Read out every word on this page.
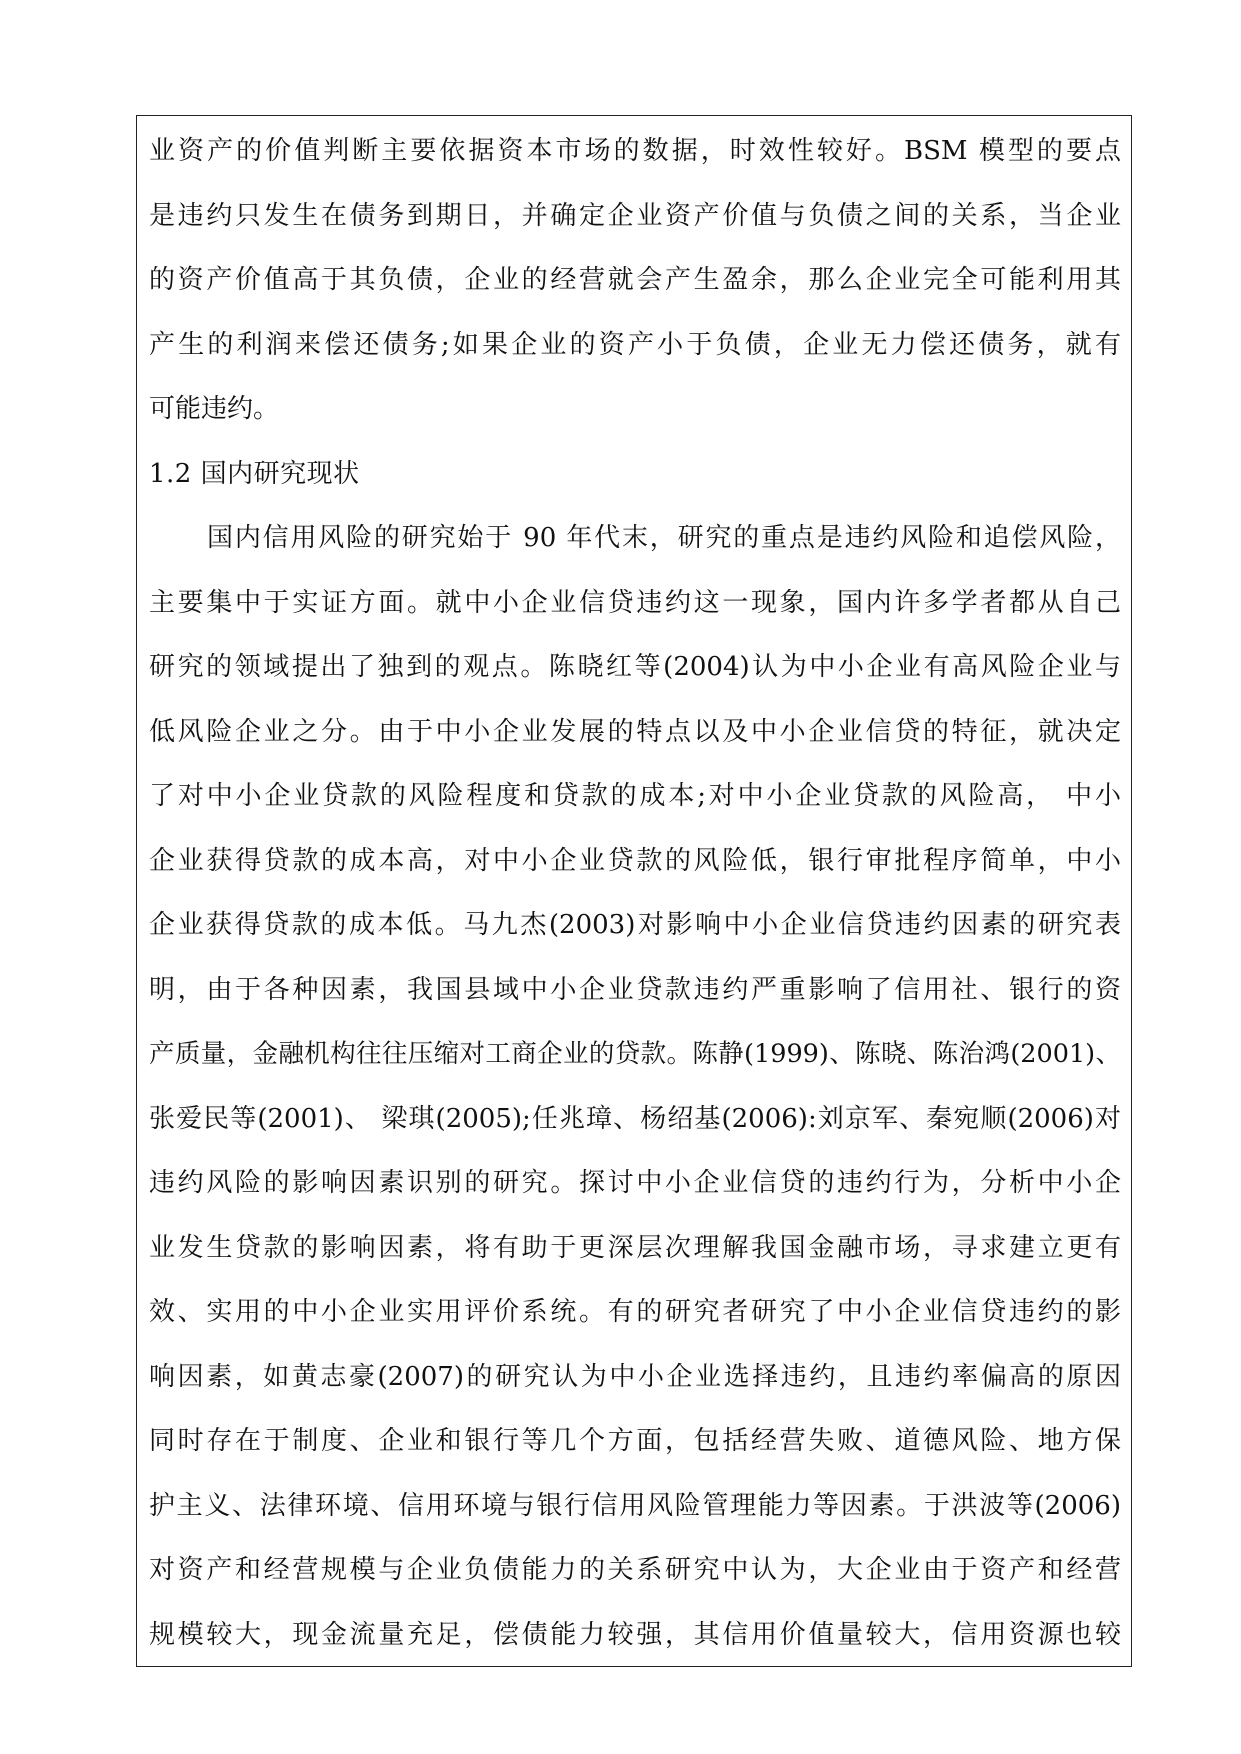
业资产的价值判断主要依据资本市场的数据，时效性较好。BSM 模型的要点
是违约只发生在债务到期日，并确定企业资产价值与负债之间的关系，当企业
的资产价值高于其负债，企业的经营就会产生盈余，那么企业完全可能利用其
产生的利润来偿还债务;如果企业的资产小于负债，企业无力偿还债务，就有
可能违约。
1.2 国内研究现状
国内信用风险的研究始于 90 年代末，研究的重点是违约风险和追偿风险，
主要集中于实证方面。就中小企业信贷违约这一现象，国内许多学者都从自己
研究的领域提出了独到的观点。陈晓红等(2004)认为中小企业有高风险企业与
低风险企业之分。由于中小企业发展的特点以及中小企业信贷的特征，就决定
了对中小企业贷款的风险程度和贷款的成本;对中小企业贷款的风险高， 中小
企业获得贷款的成本高，对中小企业贷款的风险低，银行审批程序简单，中小
企业获得贷款的成本低。马九杰(2003)对影响中小企业信贷违约因素的研究表
明，由于各种因素，我国县域中小企业贷款违约严重影响了信用社、银行的资
产质量，金融机构往往压缩对工商企业的贷款。陈静(1999)、陈晓、陈治鸿(2001)、
张爱民等(2001)、 梁琪(2005);任兆璋、杨绍基(2006):刘京军、秦宛顺(2006)对
违约风险的影响因素识别的研究。探讨中小企业信贷的违约行为，分析中小企
业发生贷款的影响因素，将有助于更深层次理解我国金融市场，寻求建立更有
效、实用的中小企业实用评价系统。有的研究者研究了中小企业信贷违约的影
响因素，如黄志豪(2007)的研究认为中小企业选择违约，且违约率偏高的原因
同时存在于制度、企业和银行等几个方面，包括经营失败、道德风险、地方保
护主义、法律环境、信用环境与银行信用风险管理能力等因素。于洪波等(2006)
对资产和经营规模与企业负债能力的关系研究中认为，大企业由于资产和经营
规模较大，现金流量充足，偿债能力较强，其信用价值量较大，信用资源也较
